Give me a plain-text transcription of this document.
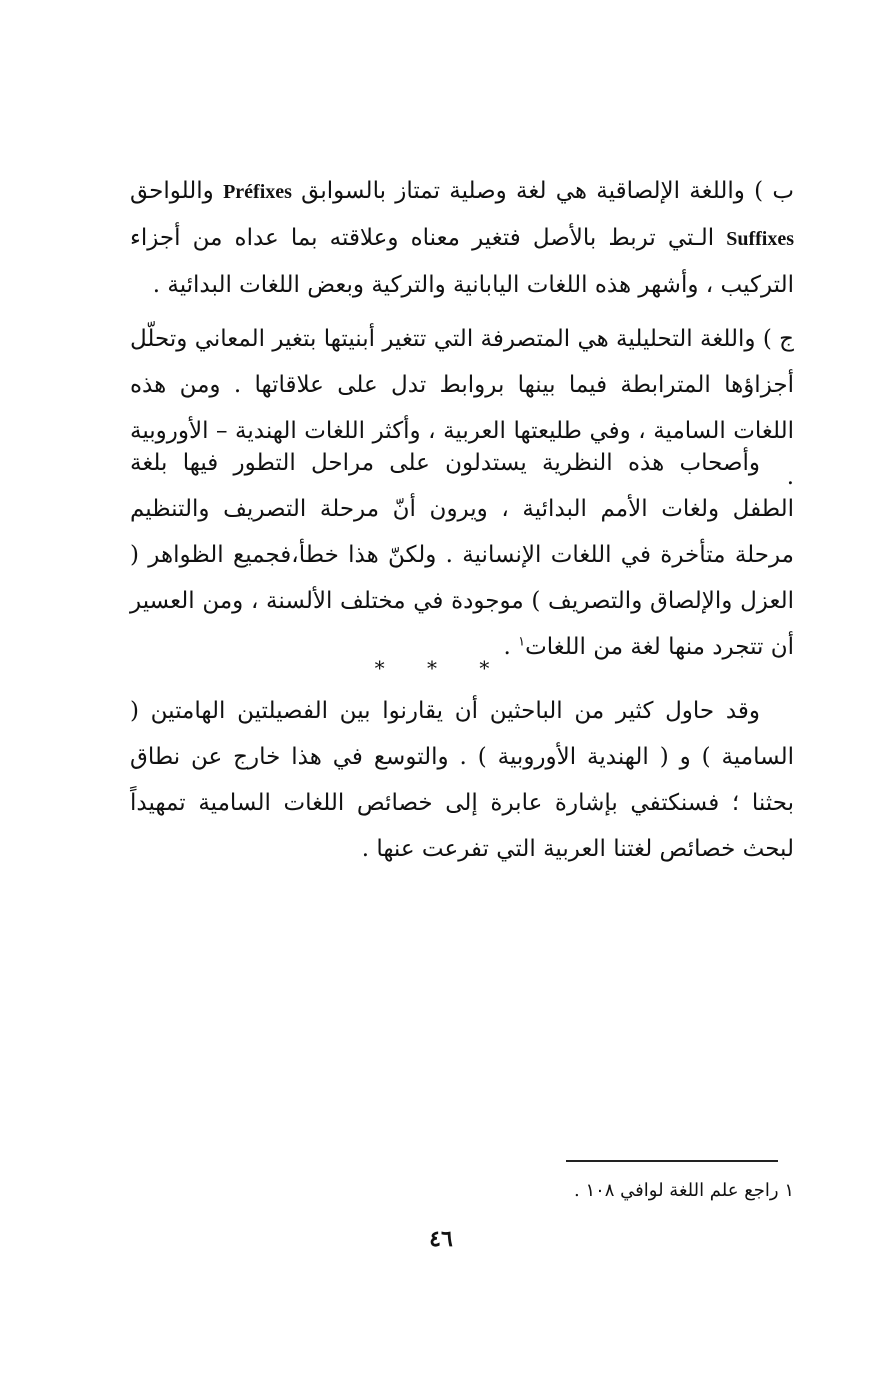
ب ) واللغة الإلصاقية هي لغة وصلية تمتاز بالسوابق Préfixes واللواحق Suffixes الـتي تربط بالأصل فتغير معناه وعلاقته بما عداه من أجزاء التركيب ، وأشهر هذه اللغات اليابانية والتركية وبعض اللغات البدائية .

ج ) واللغة التحليلية هي المتصرفة التي تتغير أبنيتها بتغير المعاني وتحلّل أجزاؤها المترابطة فيما بينها بروابط تدل على علاقاتها . ومن هذه اللغات السامية ، وفي طليعتها العربية ، وأكثر اللغات الهندية – الأوروبية .

وأصحاب هذه النظرية يستدلون على مراحل التطور فيها بلغة الطفل ولغات الأمم البدائية ، ويرون أنّ مرحلة التصريف والتنظيم مرحلة متأخرة في اللغات الإنسانية . ولكنّ هذا خطأ،فجميع الظواهر ( العزل والإلصاق والتصريف ) موجودة في مختلف الألسنة ، ومن العسير أن تتجرد منها لغة من اللغات$^١$ .

* * *

وقد حاول كثير من الباحثين أن يقارنوا بين الفصيلتين الهامتين ( السامية ) و ( الهندية الأوروبية ) . والتوسع في هذا خارج عن نطاق بحثنا ؛ فسنكتفي بإشارة عابرة إلى خصائص اللغات السامية تمهيداً لبحث خصائص لغتنا العربية التي تفرعت عنها .

١ راجع علم اللغة لوافي ١٠٨ .
٤٦
